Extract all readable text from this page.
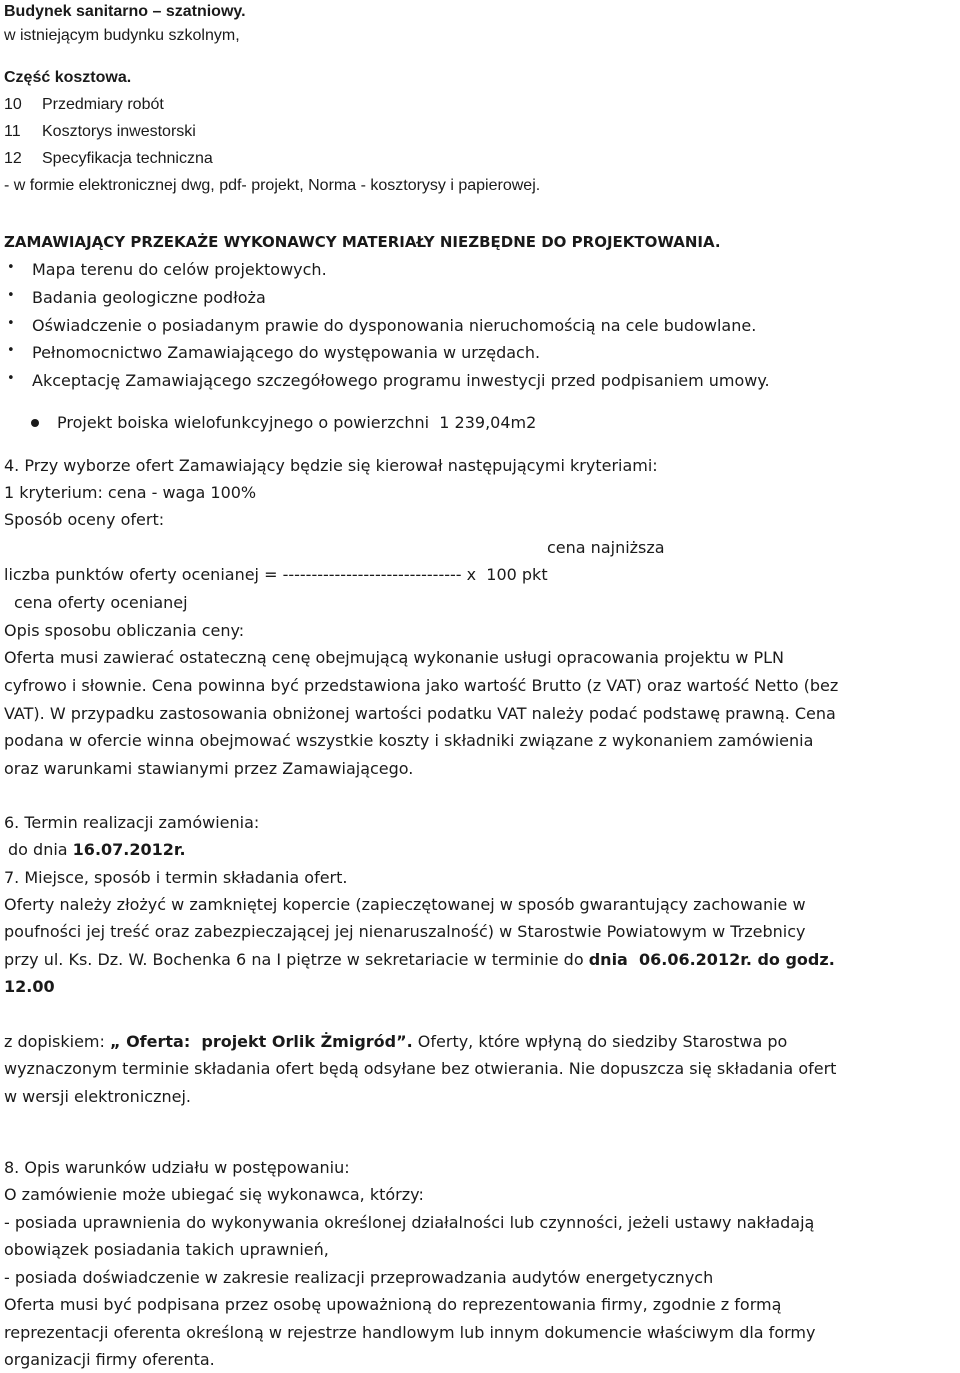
Budynek sanitarno – szatniowy.
w istniejącym budynku szkolnym,
Część kosztowa.
10 Przedmiary robót
11 Kosztorys inwestorski
12 Specyfikacja techniczna
- w formie elektronicznej dwg, pdf- projekt, Norma - kosztorysy i papierowej.
ZAMAWIAJĄCY PRZEKAŻE WYKONAWCY MATERIAŁY NIEZBĘDNE DO PROJEKTOWANIA.
• Mapa terenu do celów projektowych.
• Badania geologiczne podłoża
• Oświadczenie o posiadanym prawie do dysponowania nieruchomością na cele budowlane.
• Pełnomocnictwo Zamawiającego do występowania w urzędach.
• Akceptację Zamawiającego szczegółowego programu inwestycji przed podpisaniem umowy.
Projekt boiska wielofunkcyjnego o powierzchni  1 239,04m2
4. Przy wyborze ofert Zamawiający będzie się kierował następującymi kryteriami:
1 kryterium: cena - waga 100%
Sposób oceny ofert:
cena najniższa
liczba punktów oferty ocenianej = ------------------------------- x  100 pkt
cena oferty ocenianej
Opis sposobu obliczania ceny:
Oferta musi zawierać ostateczną cenę obejmującą wykonanie usługi opracowania projektu w PLN
cyfrowo i słownie. Cena powinna być przedstawiona jako wartość Brutto (z VAT) oraz wartość Netto (bez
VAT). W przypadku zastosowania obniżonej wartości podatku VAT należy podać podstawę prawną. Cena
podana w ofercie winna obejmować wszystkie koszty i składniki związane z wykonaniem zamówienia
oraz warunkami stawianymi przez Zamawiającego.
6. Termin realizacji zamówienia:
do dnia 16.07.2012r.
7. Miejsce, sposób i termin składania ofert.
Oferty należy złożyć w zamkniętej kopercie (zapieczętowanej w sposób gwarantujący zachowanie w
poufności jej treść oraz zabezpieczającej jej nienaruszalność) w Starostwie Powiatowym w Trzebnicy
przy ul. Ks. Dz. W. Bochenka 6 na I piętrze w sekretariacie w terminie do dnia  06.06.2012r. do godz.
12.00
z dopiskiem: „ Oferta:  projekt Orlik Żmigród”. Oferty, które wpłyną do siedziby Starostwa po
wyznaczonym terminie składania ofert będą odsyłane bez otwierania. Nie dopuszcza się składania ofert
w wersji elektronicznej.
8. Opis warunków udziału w postępowaniu:
O zamówienie może ubiegać się wykonawca, którzy:
- posiada uprawnienia do wykonywania określonej działalności lub czynności, jeżeli ustawy nakładają
obowiązek posiadania takich uprawnień,
- posiada doświadczenie w zakresie realizacji przeprowadzania audytów energetycznych
Oferta musi być podpisana przez osobę upoważnioną do reprezentowania firmy, zgodnie z formą
reprezentacji oferenta określoną w rejestrze handlowym lub innym dokumencie właściwym dla formy
organizacji firmy oferenta.
